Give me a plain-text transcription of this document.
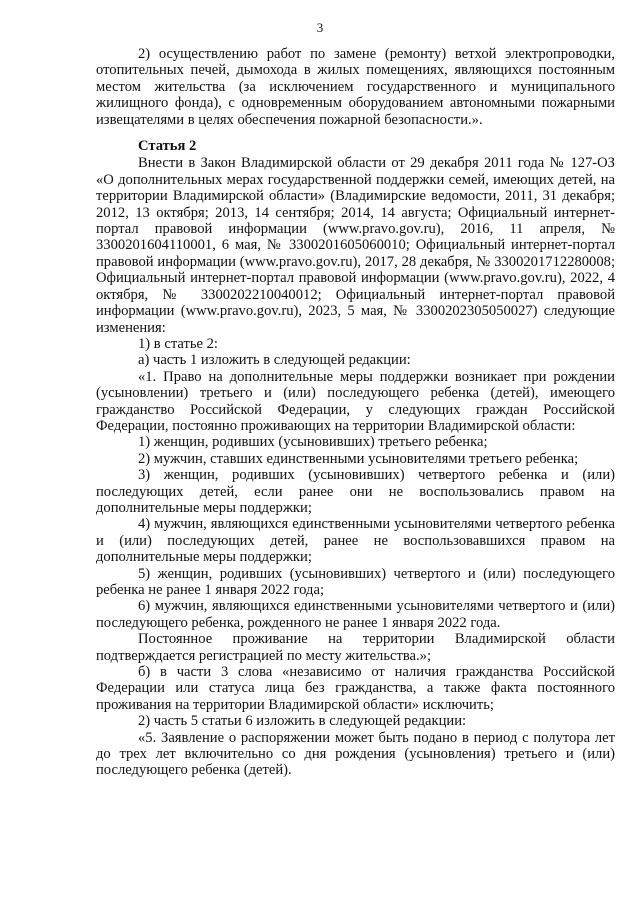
3

2) осуществлению работ по замене (ремонту) ветхой электропроводки, отопительных печей, дымохода в жилых помещениях, являющихся постоянным местом жительства (за исключением государственного и муниципального жилищного фонда), с одновременным оборудованием автономными пожарными извещателями в целях обеспечения пожарной безопасности.».

Статья 2

Внести в Закон Владимирской области от 29 декабря 2011 года № 127-ОЗ «О дополнительных мерах государственной поддержки семей, имеющих детей, на территории Владимирской области» (Владимирские ведомости, 2011, 31 декабря; 2012, 13 октября; 2013, 14 сентября; 2014, 14 августа; Официальный интернет-портал правовой информации (www.pravo.gov.ru), 2016, 11 апреля, № 3300201604110001, 6 мая, № 3300201605060010; Официальный интернет-портал правовой информации (www.pravo.gov.ru), 2017, 28 декабря, № 3300201712280008; Официальный интернет-портал правовой информации (www.pravo.gov.ru), 2022, 4 октября, № 3300202210040012; Официальный интернет-портал правовой информации (www.pravo.gov.ru), 2023, 5 мая, № 3300202305050027) следующие изменения:

1) в статье 2:

а) часть 1 изложить в следующей редакции:

«1. Право на дополнительные меры поддержки возникает при рождении (усыновлении) третьего и (или) последующего ребенка (детей), имеющего гражданство Российской Федерации, у следующих граждан Российской Федерации, постоянно проживающих на территории Владимирской области:

1) женщин, родивших (усыновивших) третьего ребенка;

2) мужчин, ставших единственными усыновителями третьего ребенка;

3) женщин, родивших (усыновивших) четвертого ребенка и (или) последующих детей, если ранее они не воспользовались правом на дополнительные меры поддержки;

4) мужчин, являющихся единственными усыновителями четвертого ребенка и (или) последующих детей, ранее не воспользовавшихся правом на дополнительные меры поддержки;

5) женщин, родивших (усыновивших) четвертого и (или) последующего ребенка не ранее 1 января 2022 года;

6) мужчин, являющихся единственными усыновителями четвертого и (или) последующего ребенка, рожденного не ранее 1 января 2022 года.

Постоянное проживание на территории Владимирской области подтверждается регистрацией по месту жительства.»;

б) в части 3 слова «независимо от наличия гражданства Российской Федерации или статуса лица без гражданства, а также факта постоянного проживания на территории Владимирской области» исключить;

2) часть 5 статьи 6 изложить в следующей редакции:

«5. Заявление о распоряжении может быть подано в период с полутора лет до трех лет включительно со дня рождения (усыновления) третьего и (или) последующего ребенка (детей).
